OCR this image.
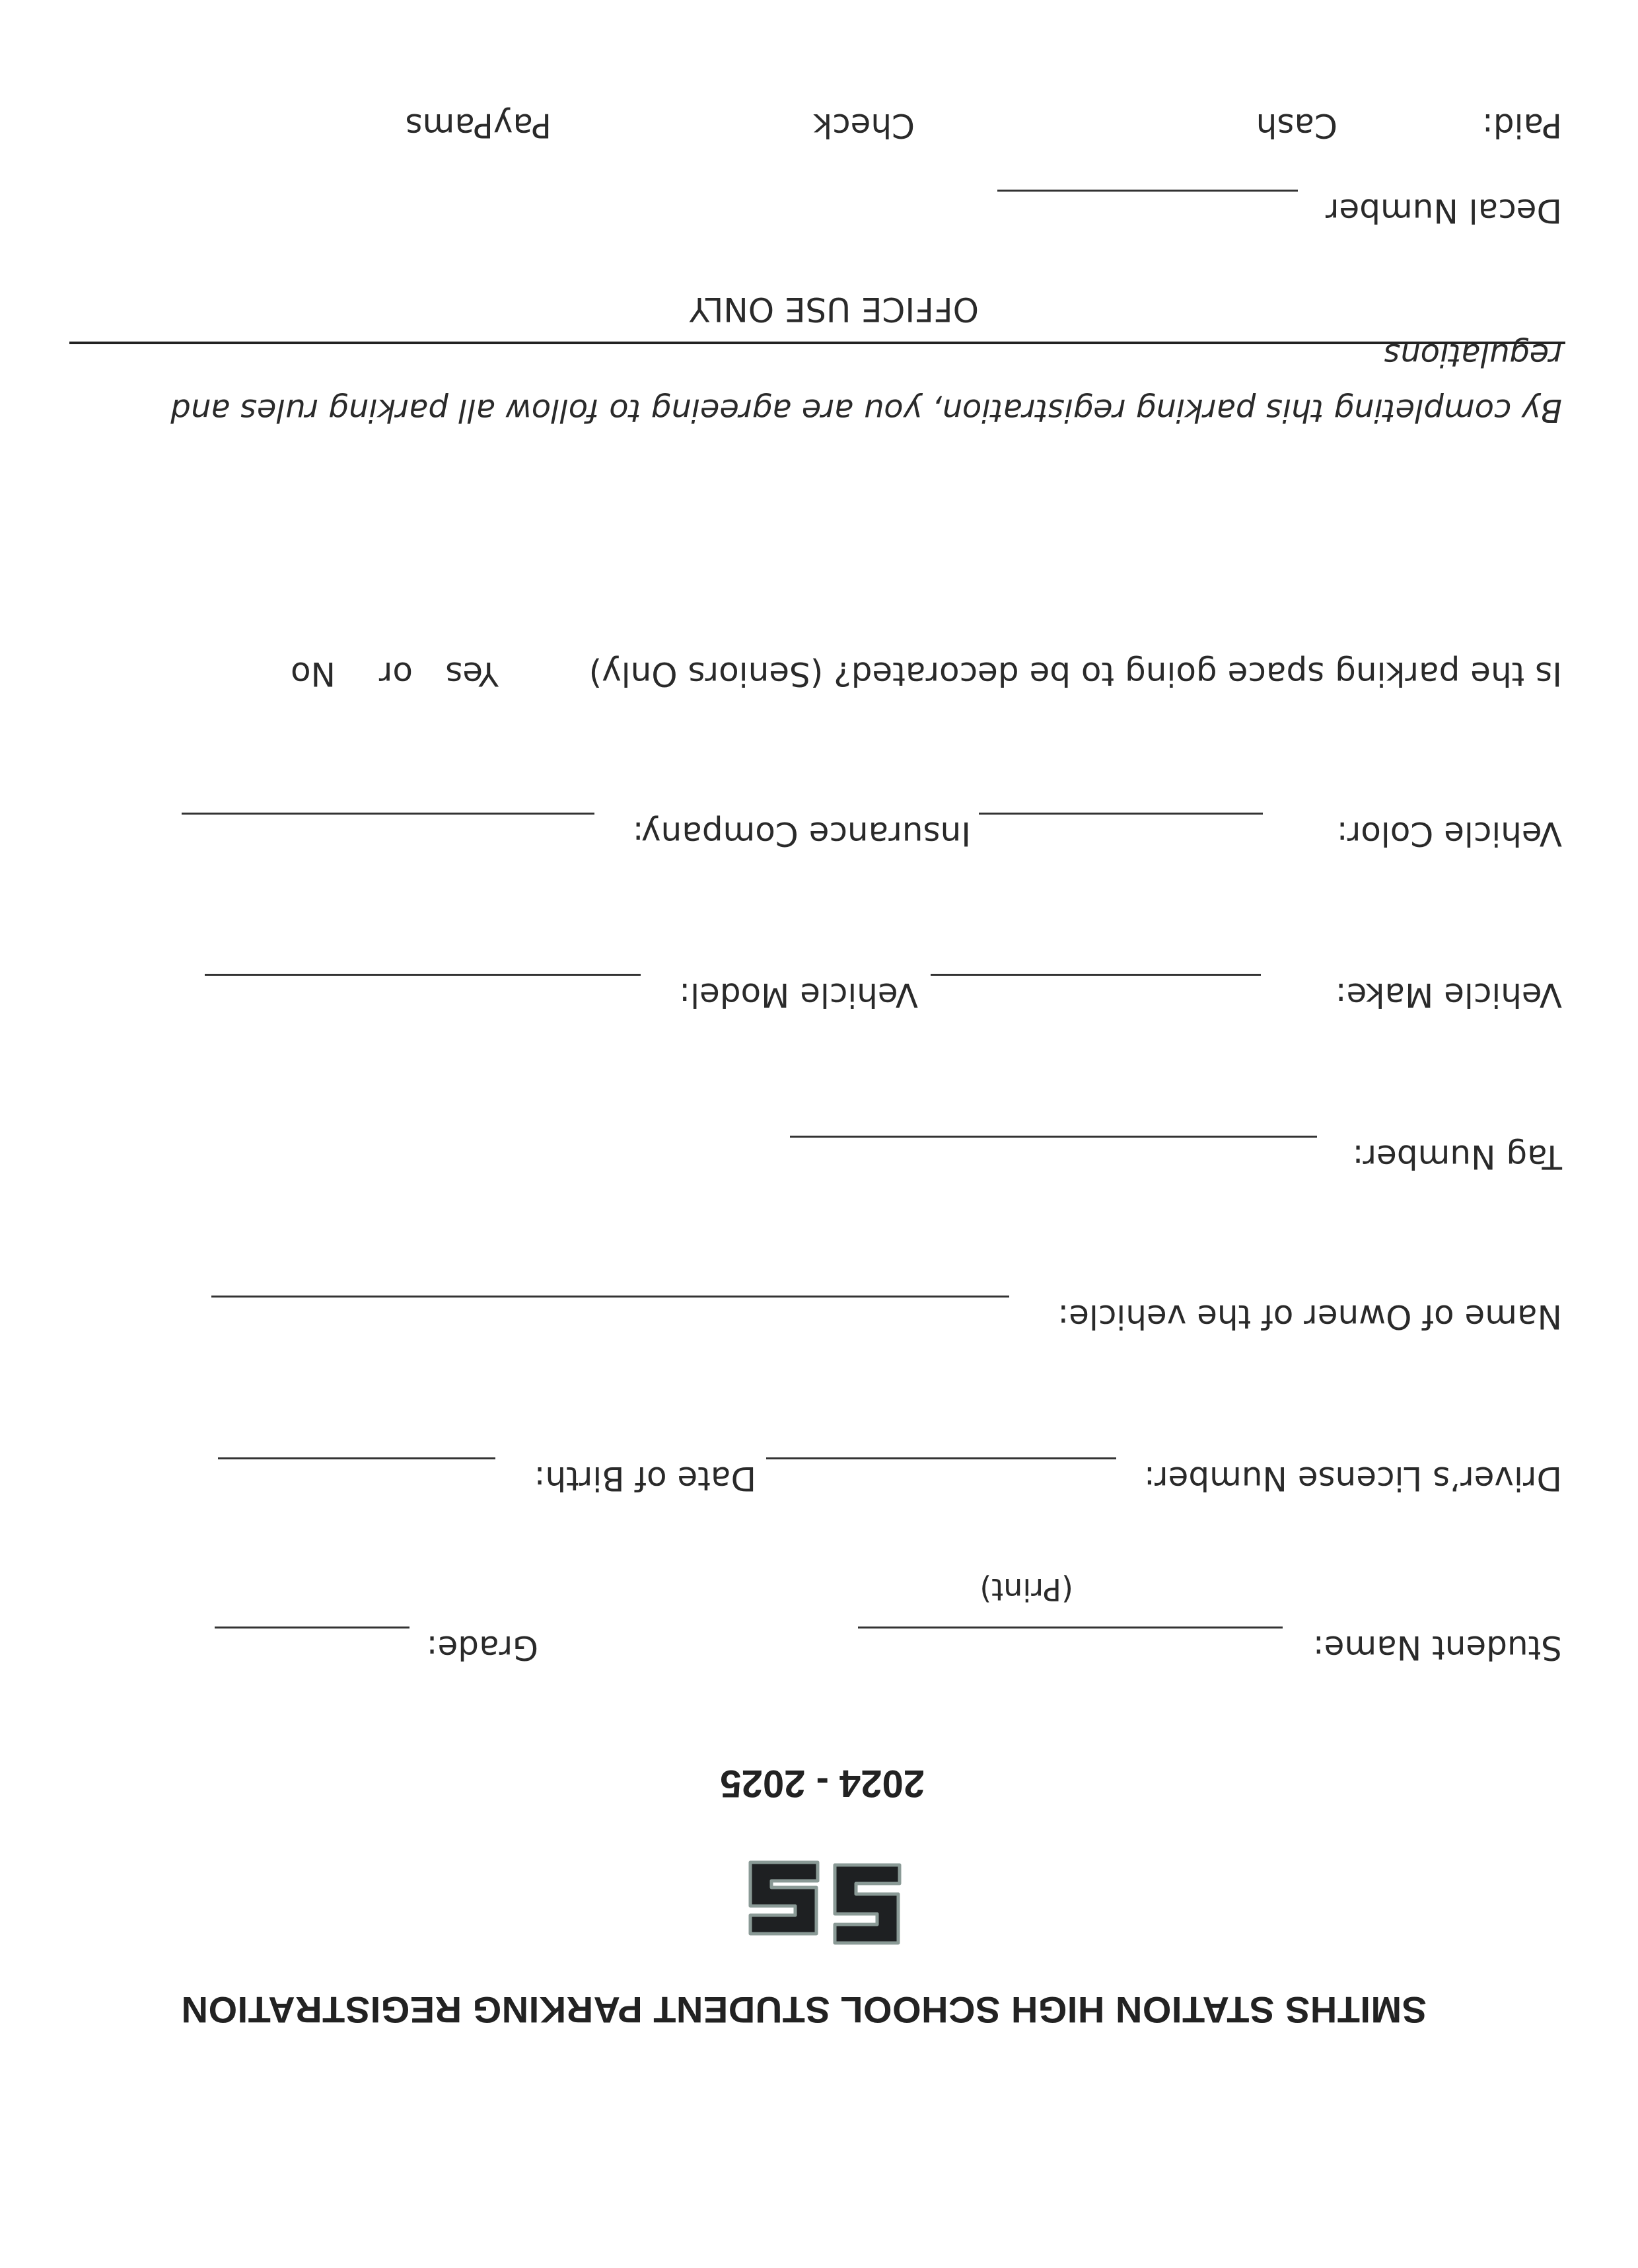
SMITHS STATION HIGH SCHOOL STUDENT PARKING REGISTRATION
2024 - 2025
Student Name:
Grade:
(Print)
Driver’s License Number:
Date of Birth:
Name of Owner of the vehicle:
Tag Number:
Vehicle Make:
Vehicle Model:
Vehicle Color:
Insurance Company:
Is the parking space going to be decorated? (Seniors Only)
Yes
or
No
By completing this parking registration, you are agreeing to follow all parking rules and regulations
OFFICE USE ONLY
Decal Number
Paid:
Cash
Check
PayPams
